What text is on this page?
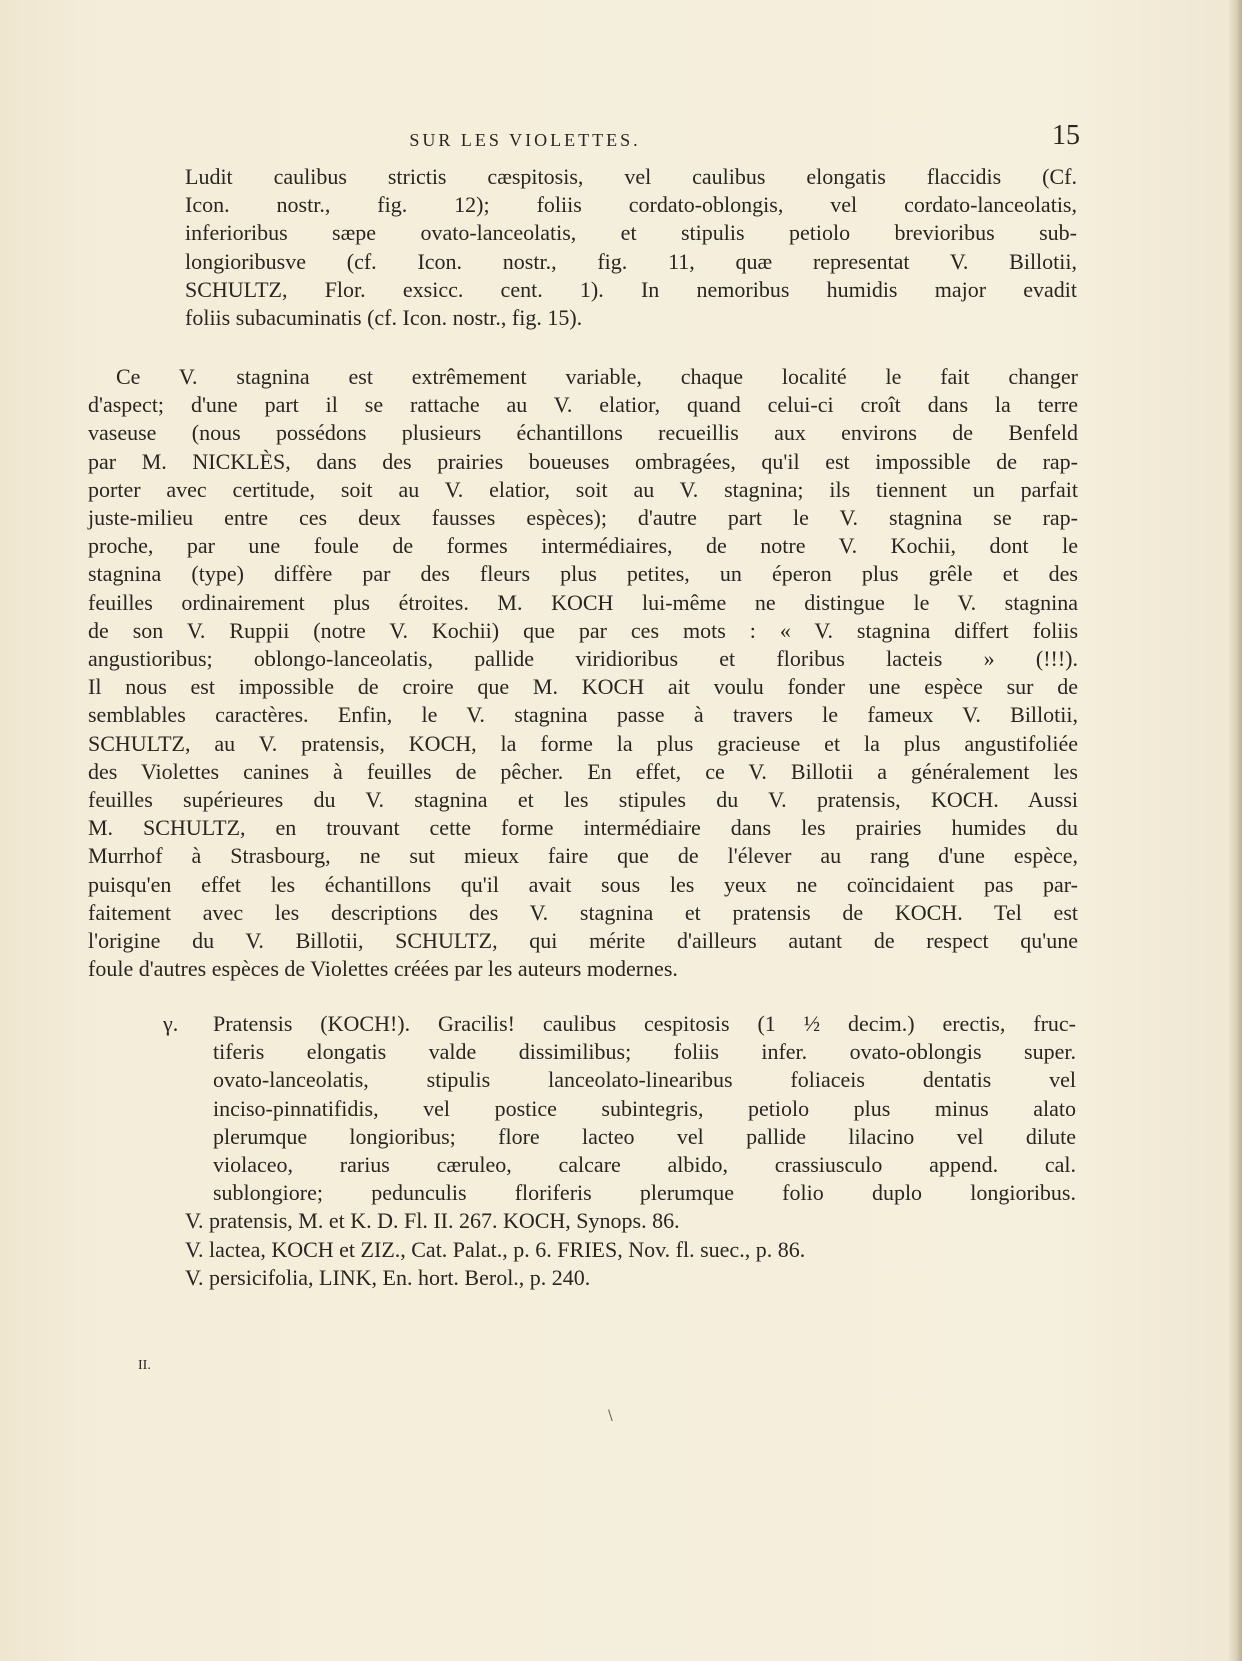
SUR LES VIOLETTES.	15
Ludit caulibus strictis cæspitosis, vel caulibus elongatis flaccidis (Cf.
Icon. nostr., fig. 12); foliis cordato-oblongis, vel cordato-lanceolatis,
inferioribus sæpe ovato-lanceolatis, et stipulis petiolo brevioribus sub-
longioribusve (cf. Icon. nostr., fig. 11, quæ representat V. Billotii,
SCHULTZ, Flor. exsicc. cent. 1). In nemoribus humidis major evadit
foliis subacuminatis (cf. Icon. nostr., fig. 15).
Ce V. stagnina est extrêmement variable, chaque localité le fait changer
d'aspect; d'une part il se rattache au V. elatior, quand celui-ci croît dans la terre
vaseuse (nous possédons plusieurs échantillons recueillis aux environs de Benfeld
par M. NICKLÈS, dans des prairies boueuses ombragées, qu'il est impossible de rap-
porter avec certitude, soit au V. elatior, soit au V. stagnina; ils tiennent un parfait
juste-milieu entre ces deux fausses espèces); d'autre part le V. stagnina se rap-
proche, par une foule de formes intermédiaires, de notre V. Kochii, dont le
stagnina (type) diffère par des fleurs plus petites, un éperon plus grêle et des
feuilles ordinairement plus étroites. M. KOCH lui-même ne distingue le V. stagnina
de son V. Ruppii (notre V. Kochii) que par ces mots : « V. stagnina differt foliis
angustioribus; oblongo-lanceolatis, pallide viridioribus et floribus lacteis » (!!!).
Il nous est impossible de croire que M. KOCH ait voulu fonder une espèce sur de
semblables caractères. Enfin, le V. stagnina passe à travers le fameux V. Billotii,
SCHULTZ, au V. pratensis, KOCH, la forme la plus gracieuse et la plus angustifoliée
des Violettes canines à feuilles de pêcher. En effet, ce V. Billotii a généralement les
feuilles supérieures du V. stagnina et les stipules du V. pratensis, KOCH. Aussi
M. SCHULTZ, en trouvant cette forme intermédiaire dans les prairies humides du
Murrhof à Strasbourg, ne sut mieux faire que de l'élever au rang d'une espèce,
puisqu'en effet les échantillons qu'il avait sous les yeux ne coïncidaient pas par-
faitement avec les descriptions des V. stagnina et pratensis de KOCH. Tel est
l'origine du V. Billotii, SCHULTZ, qui mérite d'ailleurs autant de respect qu'une
foule d'autres espèces de Violettes créées par les auteurs modernes.
γ. Pratensis (KOCH!). Gracilis! caulibus cespitosis (1 ½ decim.) erectis, fruc-
tiferis elongatis valde dissimilibus; foliis infer. ovato-oblongis super.
ovato-lanceolatis, stipulis lanceolato-linearibus foliaceis dentatis vel
inciso-pinnatifidis, vel postice subintegris, petiolo plus minus alato
plerumque longioribus; flore lacteo vel pallide lilacino vel dilute
violaceo, rarius cæruleo, calcare albido, crassiusculo append. cal.
sublongiore; pedunculis floriferis plerumque folio duplo longioribus.
V. pratensis, M. et K. D. Fl. II. 267. KOCH, Synops. 86.
V. lactea, KOCH et ZIZ., Cat. Palat., p. 6. FRIES, Nov. fl. suec., p. 86.
V. persicifolia, LINK, En. hort. Berol., p. 240.
II.
\
